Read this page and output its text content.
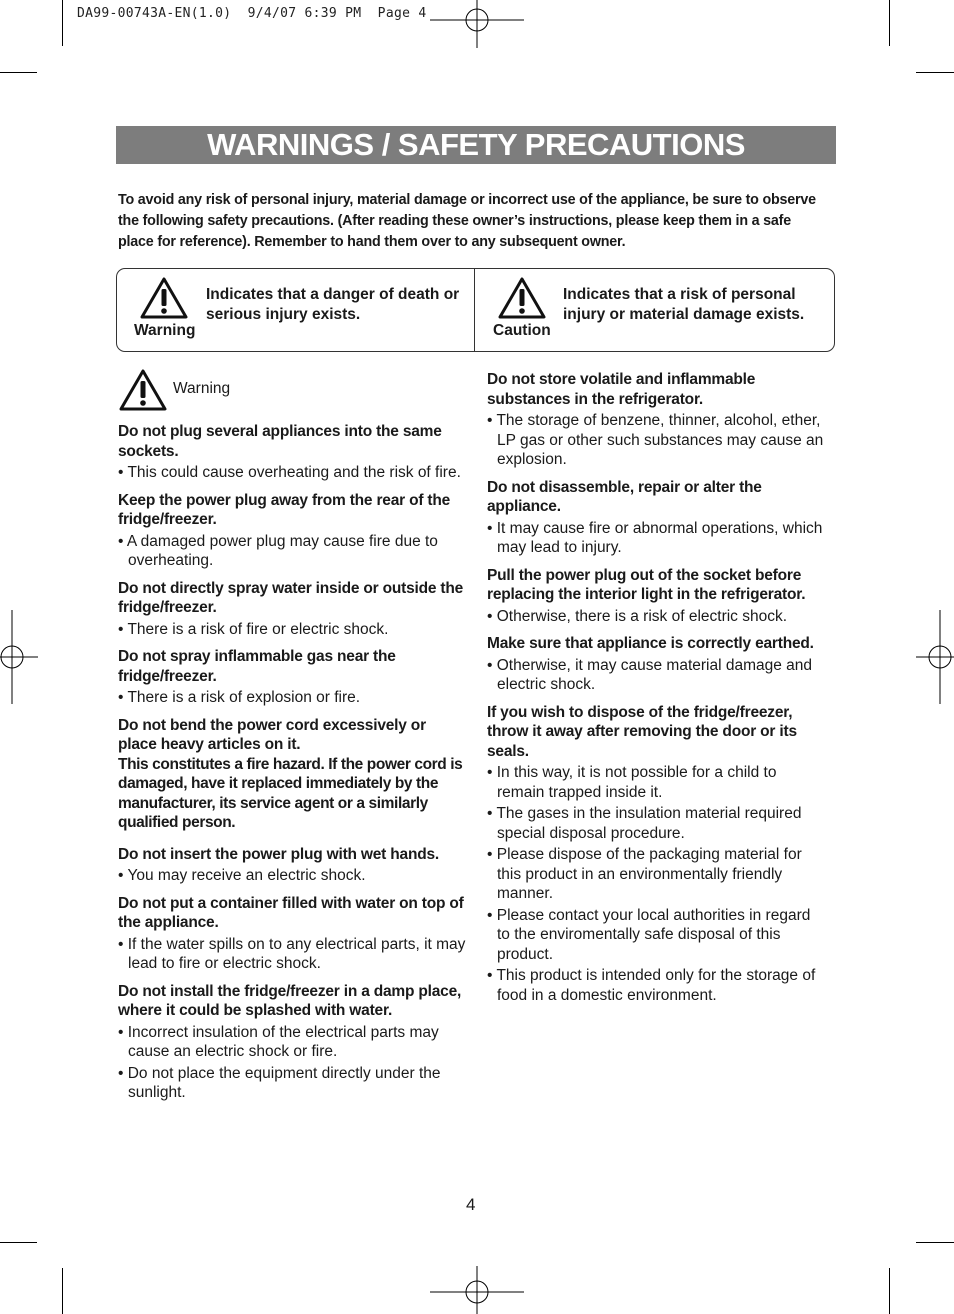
DA99-00743A-EN(1.0)  9/4/07 6:39 PM  Page 4
WARNINGS / SAFETY PRECAUTIONS

To avoid any risk of personal injury, material damage or incorrect use of the appliance, be sure to observe the following safety precautions. (After reading these owner’s instructions, please keep them in a safe place for reference). Remember to hand them over to any subsequent owner.

Warning
Indicates that a danger of death or serious injury exists.
Caution
Indicates that a risk of personal injury or material damage exists.
Warning

Do not plug several appliances into the same sockets.

• This could cause overheating and the risk of fire.

Keep the power plug away from the rear of the fridge/freezer.

• A damaged power plug may cause fire due to overheating.

Do not directly spray water inside or outside the fridge/freezer.

• There is a risk of fire or electric shock.

Do not spray inflammable gas near the fridge/freezer.

• There is a risk of explosion or fire.

Do not bend the power cord excessively or place heavy articles on it.

This constitutes a fire hazard. If the power cord is damaged, have it replaced immediately by the manufacturer, its service agent or a similarly qualified person.

Do not insert the power plug with wet hands.

• You may receive an electric shock.

Do not put a container filled with water on top of the appliance.

• If the water spills on to any electrical parts, it may lead to fire or electric shock.

Do not install the fridge/freezer in a damp place, where it could be splashed with water.

• Incorrect insulation of the electrical parts may cause an electric shock or fire.

• Do not place the equipment directly under the sunlight.

Do not store volatile and inflammable substances in the refrigerator.

• The storage of benzene, thinner, alcohol, ether, LP gas or other such substances may cause an explosion.

Do not disassemble, repair or alter the appliance.

• It may cause fire or abnormal operations, which may lead to injury.

Pull the power plug out of the socket before replacing the interior light in the refrigerator.

• Otherwise, there is a risk of electric shock.

Make sure that appliance is correctly earthed.

• Otherwise, it may cause material damage and electric shock.

If you wish to dispose of the fridge/freezer, throw it away after removing the door or its seals.

• In this way, it is not possible for a child to remain trapped inside it.

• The gases in the insulation material required special disposal procedure.

• Please dispose of the packaging material for this product in an environmentally friendly manner.

• Please contact your local authorities in regard to the enviromentally safe disposal of this product.

• This product is intended only for the storage of food in a domestic environment.

4
